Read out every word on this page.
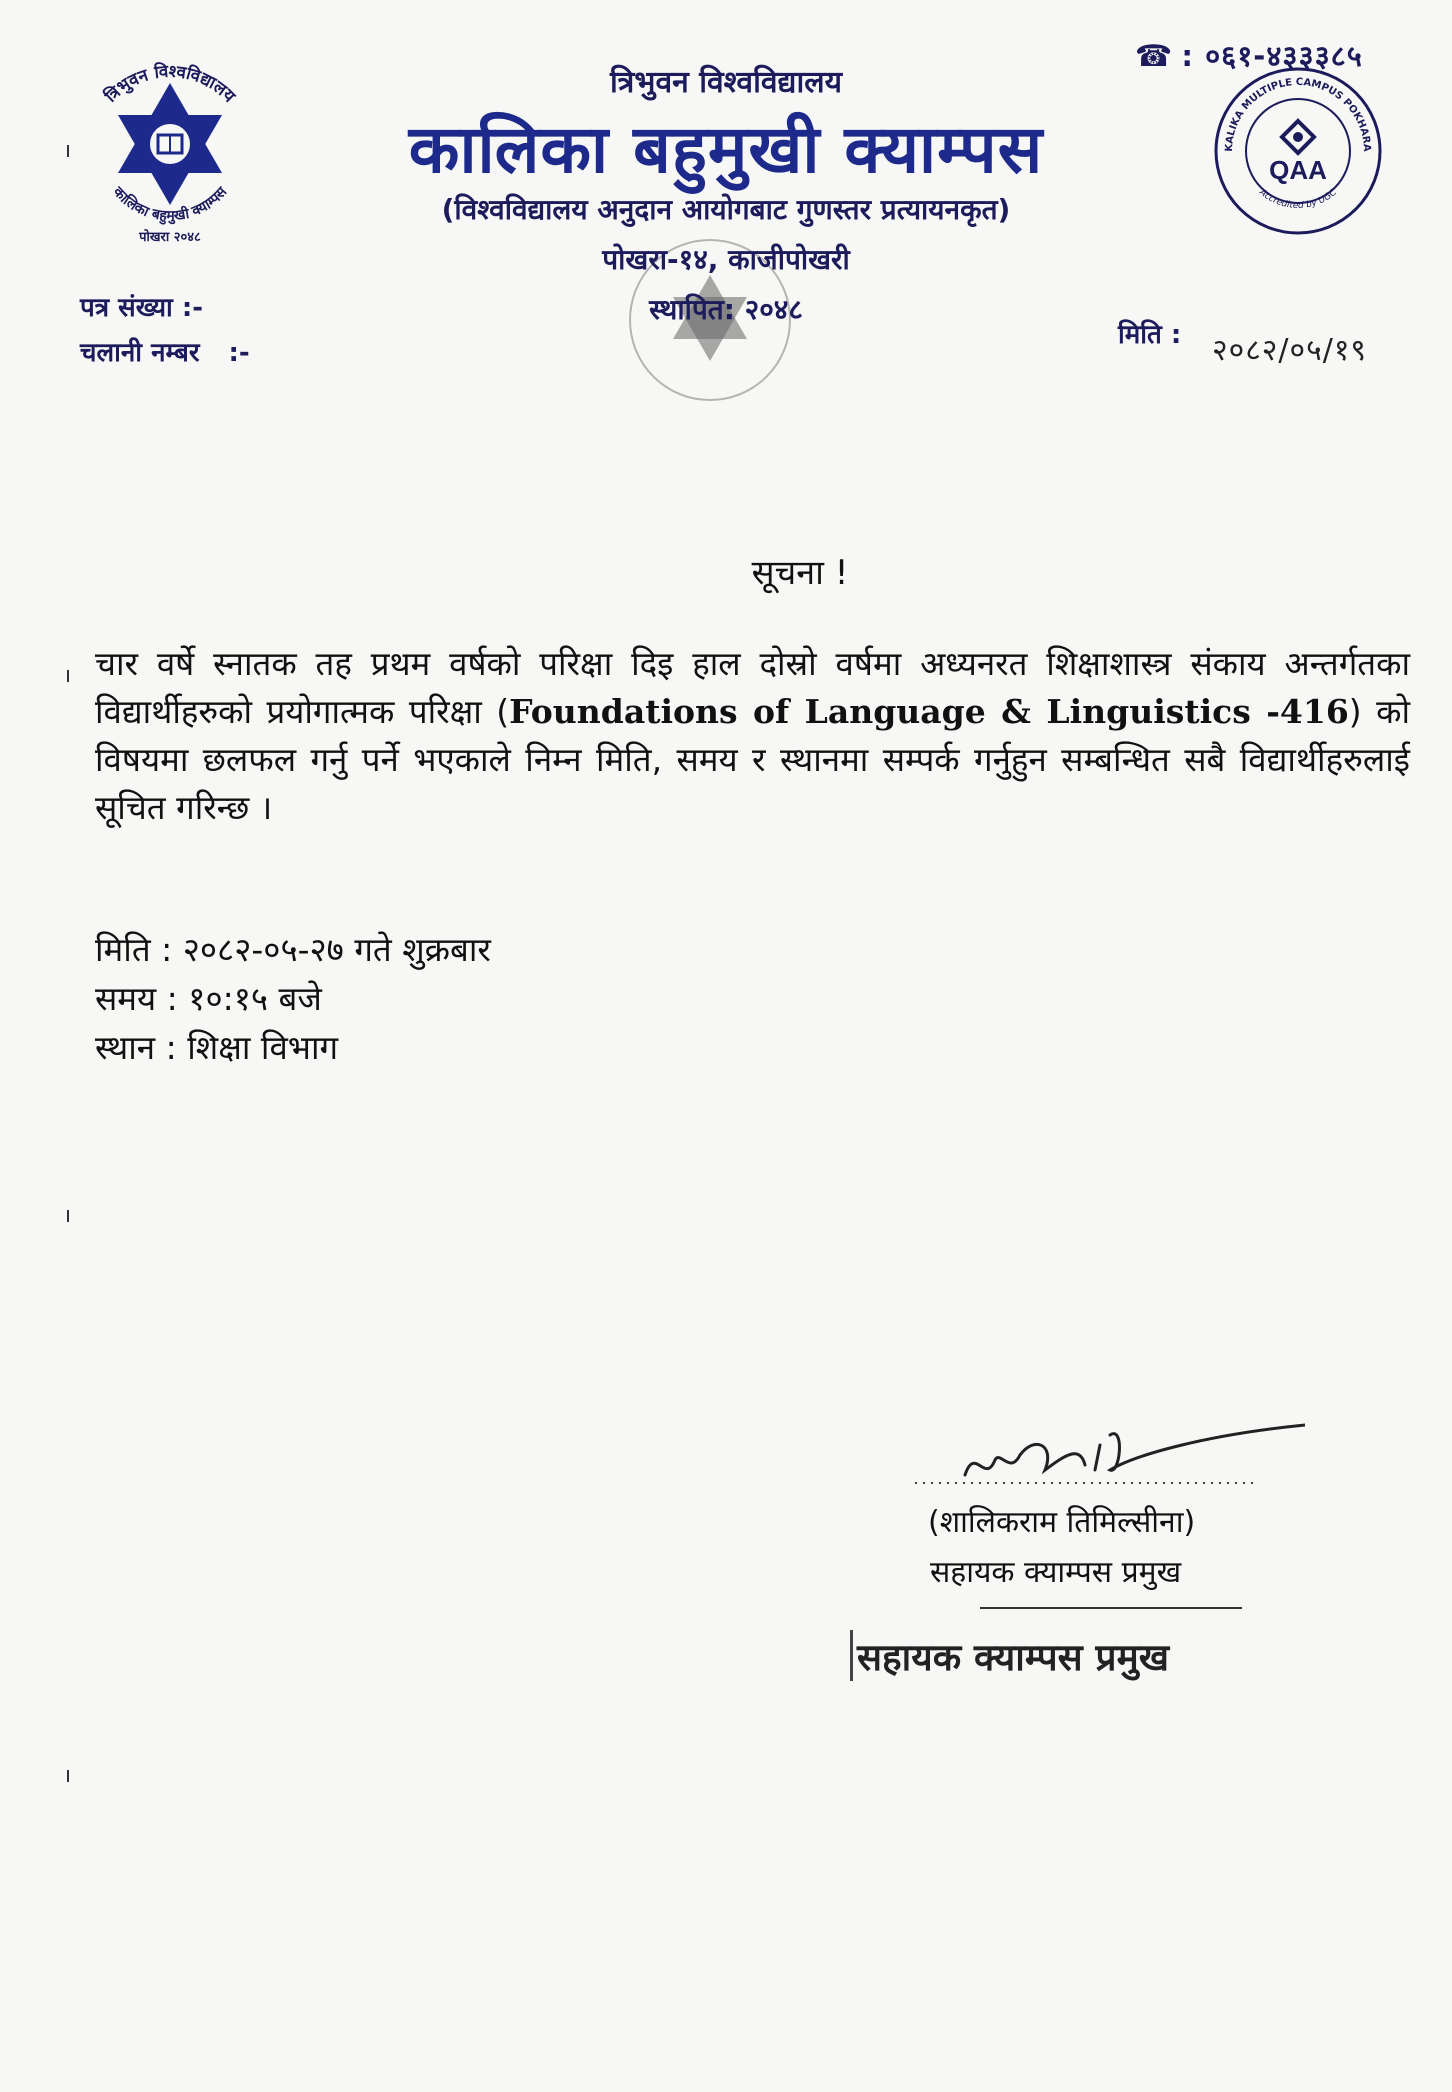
त्रिभुवन विश्वविद्यालय
कालिका बहुमुखी क्याम्पस
पोखरा २०४८
☎ : ०६१-४३३३८५
KALIKA MULTIPLE CAMPUS POKHARA
Accredited by UGC
QAA
त्रिभुवन विश्वविद्यालय
कालिका बहुमुखी क्याम्पस
(विश्वविद्यालय अनुदान आयोगबाट गुणस्तर प्रत्यायनकृत)
पोखरा-१४, काजीपोखरी
स्थापित: २०४८
पत्र संख्या :-
चलानी नम्बर :-
मिति : २०८२/०५/१९
सूचना !
चार वर्षे स्नातक तह प्रथम वर्षको परिक्षा दिइ हाल दोस्रो वर्षमा अध्यनरत शिक्षाशास्त्र संकाय अन्तर्गतका विद्यार्थीहरुको प्रयोगात्मक परिक्षा (Foundations of Language & Linguistics -416) को विषयमा छलफल गर्नु पर्ने भएकाले निम्न मिति, समय र स्थानमा सम्पर्क गर्नुहुन सम्बन्धित सबै विद्यार्थीहरुलाई सूचित गरिन्छ ।
मिति : २०८२-०५-२७ गते शुक्रबार
समय : १०:१५ बजे
स्थान : शिक्षा विभाग
(शालिकराम तिमिल्सीना)
सहायक क्याम्पस प्रमुख
सहायक क्याम्पस प्रमुख
